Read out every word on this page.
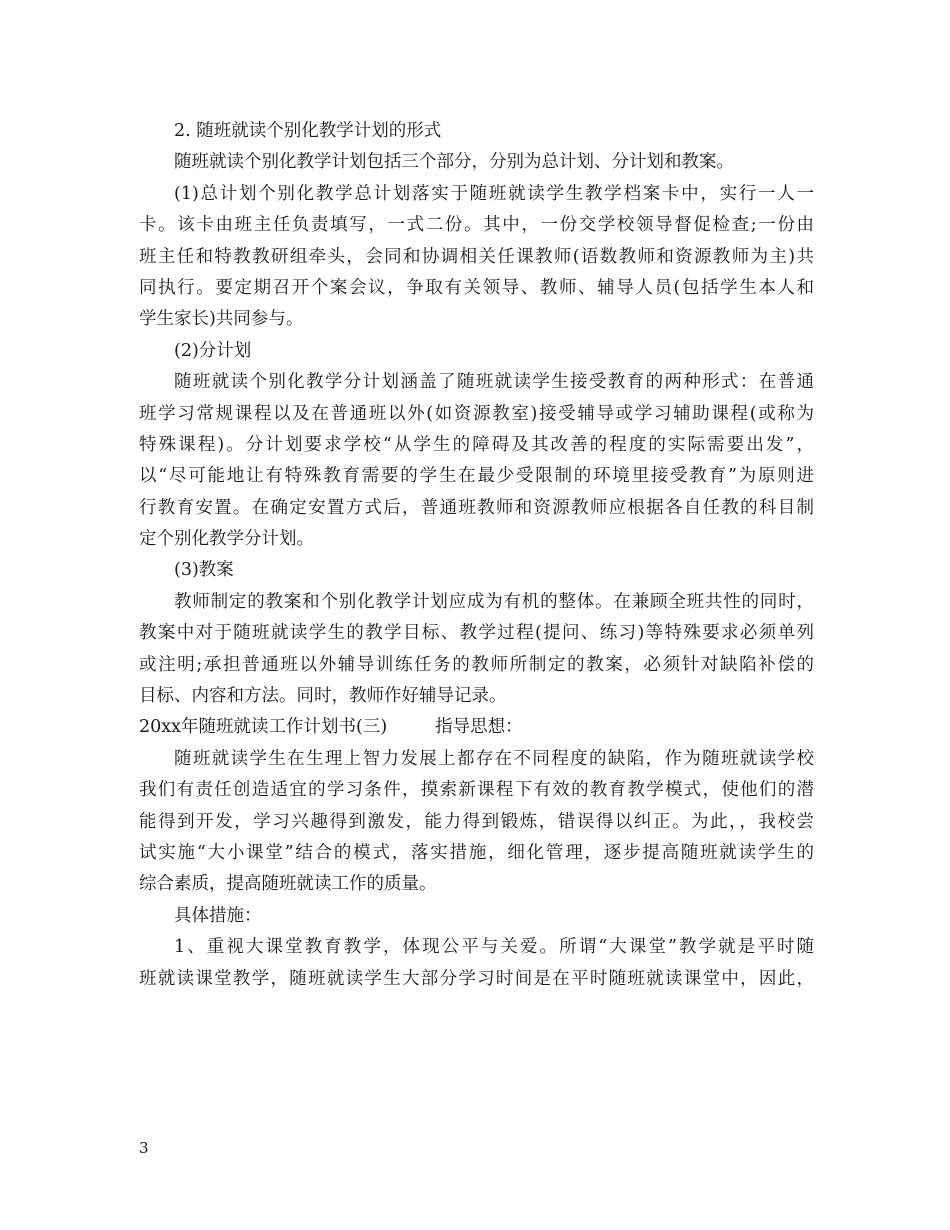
2. 随班就读个别化教学计划的形式
随班就读个别化教学计划包括三个部分，分别为总计划、分计划和教案。
(1)总计划个别化教学总计划落实于随班就读学生教学档案卡中，实行一人一
卡。该卡由班主任负责填写，一式二份。其中，一份交学校领导督促检查;一份由
班主任和特教教研组牵头，会同和协调相关任课教师(语数教师和资源教师为主)共
同执行。要定期召开个案会议，争取有关领导、教师、辅导人员(包括学生本人和
学生家长)共同参与。
(2)分计划
随班就读个别化教学分计划涵盖了随班就读学生接受教育的两种形式：在普通
班学习常规课程以及在普通班以外(如资源教室)接受辅导或学习辅助课程(或称为
特殊课程)。分计划要求学校“从学生的障碍及其改善的程度的实际需要出发”，
以“尽可能地让有特殊教育需要的学生在最少受限制的环境里接受教育”为原则进
行教育安置。在确定安置方式后，普通班教师和资源教师应根据各自任教的科目制
定个别化教学分计划。
(3)教案
教师制定的教案和个别化教学计划应成为有机的整体。在兼顾全班共性的同时，
教案中对于随班就读学生的教学目标、教学过程(提问、练习)等特殊要求必须单列
或注明;承担普通班以外辅导训练任务的教师所制定的教案，必须针对缺陷补偿的
目标、内容和方法。同时，教师作好辅导记录。
20xx年随班就读工作计划书(三)	指导思想：
随班就读学生在生理上智力发展上都存在不同程度的缺陷，作为随班就读学校
我们有责任创造适宜的学习条件，摸索新课程下有效的教育教学模式，使他们的潜
能得到开发，学习兴趣得到激发，能力得到锻炼，错误得以纠正。为此，，我校尝
试实施“大小课堂”结合的模式，落实措施，细化管理，逐步提高随班就读学生的
综合素质，提高随班就读工作的质量。
具体措施：
1、重视大课堂教育教学，体现公平与关爱。所谓“大课堂”教学就是平时随
班就读课堂教学，随班就读学生大部分学习时间是在平时随班就读课堂中，因此，
3
